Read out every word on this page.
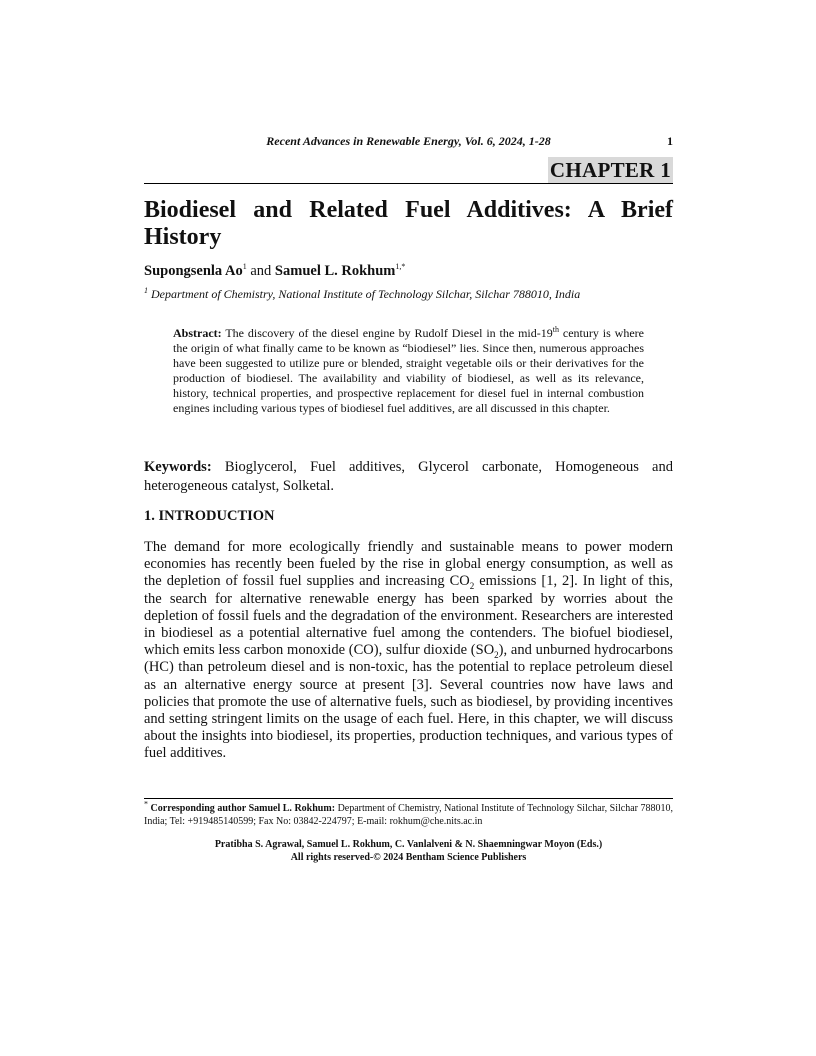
Recent Advances in Renewable Energy, Vol. 6, 2024, 1-28	1
CHAPTER 1
Biodiesel and Related Fuel Additives: A Brief History
Supongsenla Ao$^1$ and Samuel L. Rokhum$^{1,*}$
$^1$ Department of Chemistry, National Institute of Technology Silchar, Silchar 788010, India
Abstract: The discovery of the diesel engine by Rudolf Diesel in the mid-19th century is where the origin of what finally came to be known as “biodiesel” lies. Since then, numerous approaches have been suggested to utilize pure or blended, straight vegetable oils or their derivatives for the production of biodiesel. The availability and viability of biodiesel, as well as its relevance, history, technical properties, and prospective replacement for diesel fuel in internal combustion engines including various types of biodiesel fuel additives, are all discussed in this chapter.
Keywords: Bioglycerol, Fuel additives, Glycerol carbonate, Homogeneous and heterogeneous catalyst, Solketal.
1. INTRODUCTION
The demand for more ecologically friendly and sustainable means to power modern economies has recently been fueled by the rise in global energy consumption, as well as the depletion of fossil fuel supplies and increasing $CO_2$ emissions [1, 2]. In light of this, the search for alternative renewable energy has been sparked by worries about the depletion of fossil fuels and the degradation of the environment. Researchers are interested in biodiesel as a potential alternative fuel among the contenders. The biofuel biodiesel, which emits less carbon monoxide (CO), sulfur dioxide $(SO_2)$, and unburned hydrocarbons (HC) than petroleum diesel and is non-toxic, has the potential to replace petroleum diesel as an alternative energy source at present [3]. Several countries now have laws and policies that promote the use of alternative fuels, such as biodiesel, by providing incentives and setting stringent limits on the usage of each fuel. Here, in this chapter, we will discuss about the insights into biodiesel, its properties, production techniques, and various types of fuel additives.
* Corresponding author Samuel L. Rokhum: Department of Chemistry, National Institute of Technology Silchar, Silchar 788010, India; Tel: +919485140599; Fax No: 03842-224797; E-mail: rokhum@che.nits.ac.in
Pratibha S. Agrawal, Samuel L. Rokhum, C. Vanlalveni & N. Shaemningwar Moyon (Eds.)
All rights reserved-© 2024 Bentham Science Publishers
